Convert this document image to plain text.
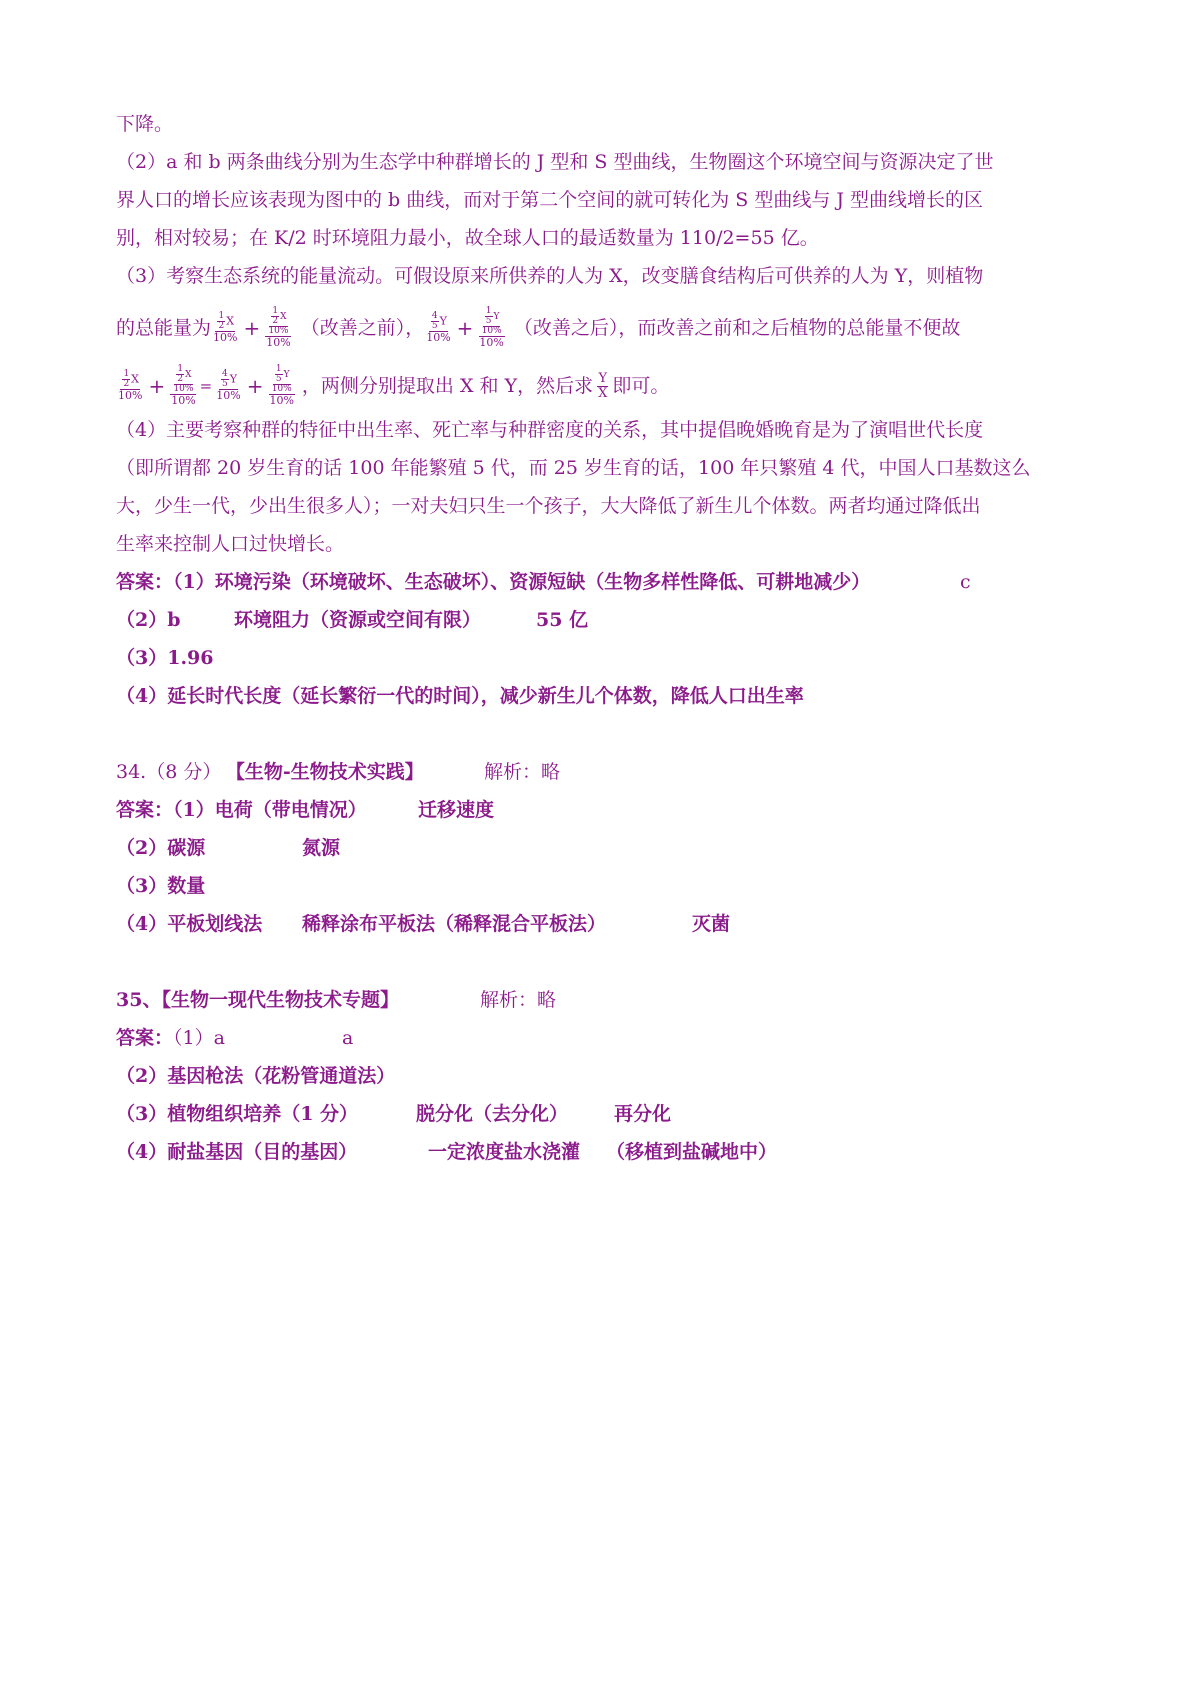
下降。
（2）a 和 b 两条曲线分别为生态学中种群增长的 J 型和 S 型曲线，生物圈这个环境空间与资源决定了世
界人口的增长应该表现为图中的 b 曲线，而对于第二个空间的就可转化为 S 型曲线与 J 型曲线增长的区
别，相对较易；在 K/2 时环境阻力最小，故全球人口的最适数量为 110/2=55 亿。
（3）考察生态系统的能量流动。可假设原来所供养的人为 X，改变膳食结构后可供养的人为 Y，则植物
的总能量为 $\frac{\frac{1}{2} X}{10\%} + \frac{\frac{\frac{1}{2} X}{10\%}}{10\%}$ （改善之前）， $\frac{\frac{4}{5} Y}{10\%} + \frac{\frac{\frac{1}{5} Y}{10\%}}{10\%}$ （改善之后），而改善之前和之后植物的总能量不便故
$\frac{\frac{1}{2} X}{10\%} + \frac{\frac{\frac{1}{2} X}{10\%}}{10\%} = \frac{\frac{4}{5} Y}{10\%} + \frac{\frac{\frac{1}{5} Y}{10\%}}{10\%}$ ，两侧分别提取出 X 和 Y，然后求 $\frac{Y}{X}$ 即可。
（4）主要考察种群的特征中出生率、死亡率与种群密度的关系，其中提倡晚婚晚育是为了演唱世代长度
（即所谓都 20 岁生育的话 100 年能繁殖 5 代，而 25 岁生育的话，100 年只繁殖 4 代，中国人口基数这么
大，少生一代，少出生很多人）；一对夫妇只生一个孩子，大大降低了新生儿个体数。两者均通过降低出
生率来控制人口过快增长。
答案：（1）环境污染（环境破坏、生态破坏）、资源短缺（生物多样性降低、可耕地减少）	c
（2）b	环境阻力（资源或空间有限）	55 亿
（3）1.96
（4）延长时代长度（延长繁衍一代的时间），减少新生儿个体数，降低人口出生率
34.（8 分） 【生物-生物技术实践】	解析：略
答案：（1）电荷（带电情况）	迁移速度
（2）碳源	氮源
（3）数量
（4）平板划线法 稀释涂布平板法（稀释混合平板法）	灭菌
35、【生物一现代生物技术专题】	解析：略
答案：（1）a	a
（2）基因枪法（花粉管通道法）
（3）植物组织培养（1 分）	脱分化（去分化） 再分化
（4）耐盐基因（目的基因）	一定浓度盐水浇灌 （移植到盐碱地中）
